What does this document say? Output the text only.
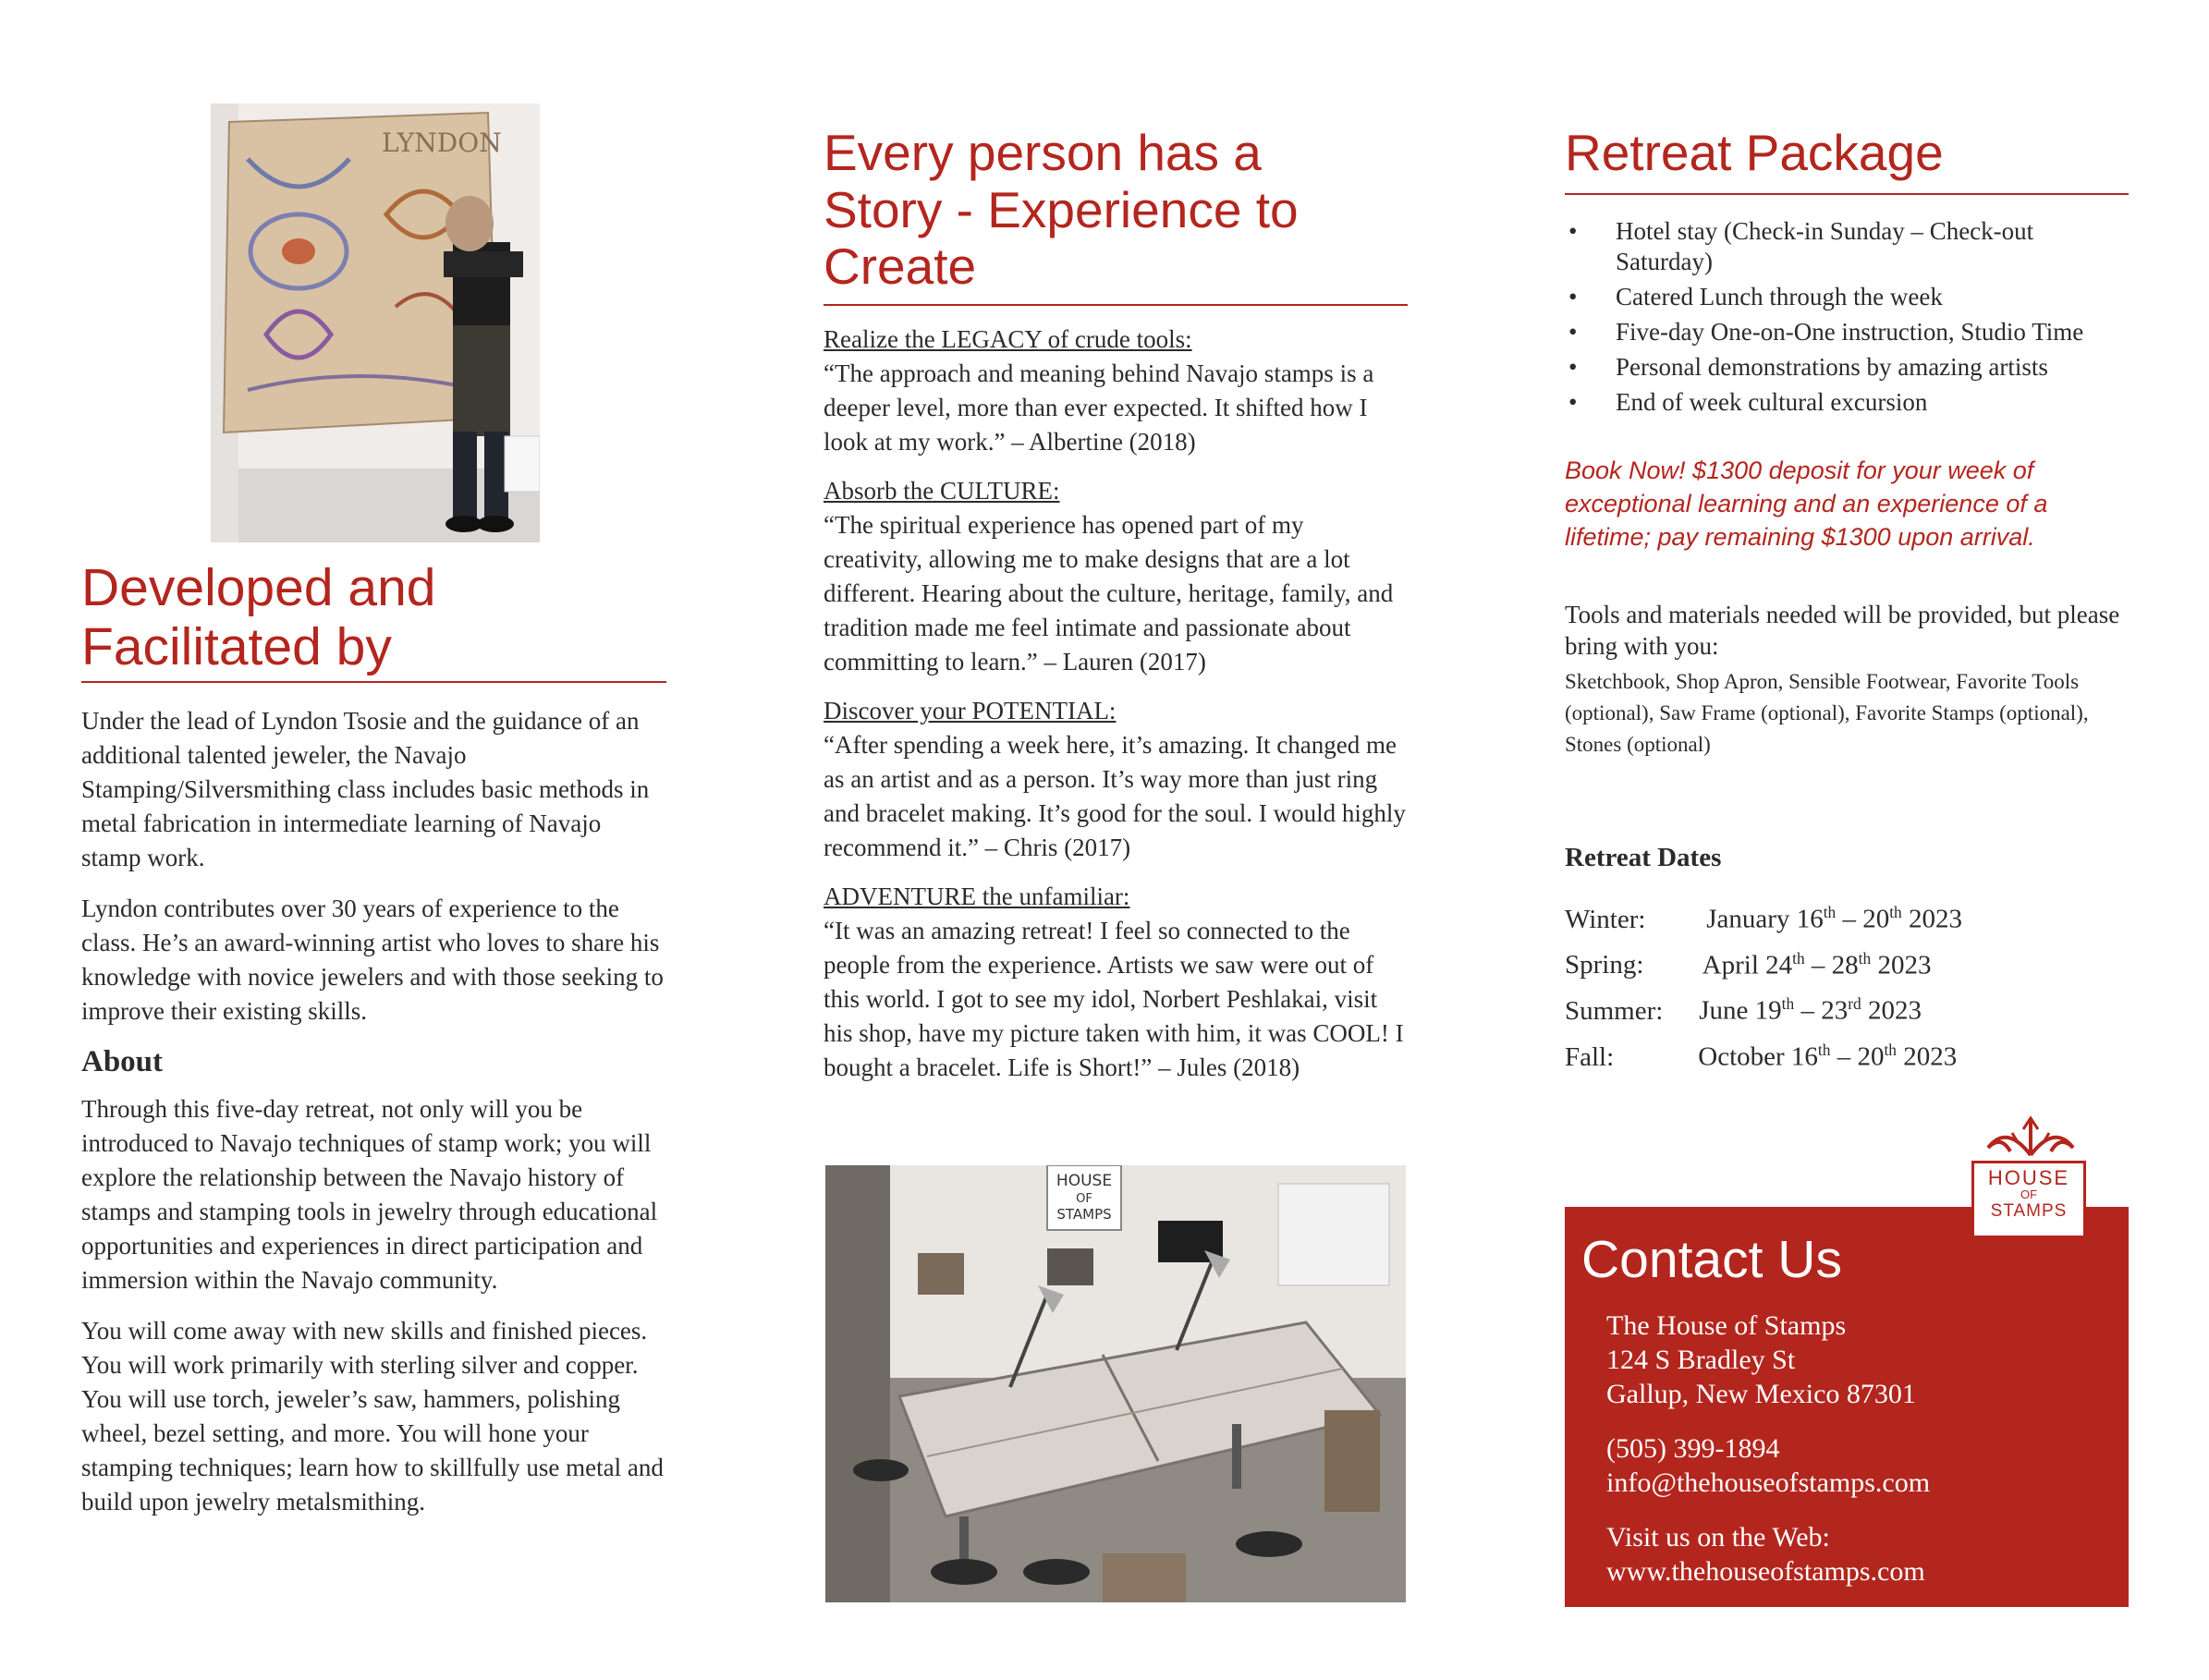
LYNDON
Developed and
Facilitated by

Under the lead of Lyndon Tsosie and the guidance of an additional talented jeweler, the Navajo Stamping/Silversmithing class includes basic methods in metal fabrication in intermediate learning of Navajo stamp work.

Lyndon contributes over 30 years of experience to the class. He’s an award-winning artist who loves to share his knowledge with novice jewelers and with those seeking to improve their existing skills.

About

Through this five-day retreat, not only will you be introduced to Navajo techniques of stamp work; you will explore the relationship between the Navajo history of stamps and stamping tools in jewelry through educational opportunities and experiences in direct participation and immersion within the Navajo community.

You will come away with new skills and finished pieces. You will work primarily with sterling silver and copper. You will use torch, jeweler’s saw, hammers, polishing wheel, bezel setting, and more. You will hone your stamping techniques; learn how to skillfully use metal and build upon jewelry metalsmithing.

Every person has a
Story - Experience to
Create

Realize the LEGACY of crude tools:

“The approach and meaning behind Navajo stamps is a deeper level, more than ever expected. It shifted how I look at my work.” – Albertine (2018)

Absorb the CULTURE:

“The spiritual experience has opened part of my creativity, allowing me to make designs that are a lot different. Hearing about the culture, heritage, family, and tradition made me feel intimate and passionate about committing to learn.” – Lauren (2017)

Discover your POTENTIAL:

“After spending a week here, it’s amazing. It changed me as an artist and as a person. It’s way more than just ring and bracelet making. It’s good for the soul. I would highly recommend it.” – Chris (2017)

ADVENTURE the unfamiliar:

“It was an amazing retreat! I feel so connected to the people from the experience. Artists we saw were out of this world. I got to see my idol, Norbert Peshlakai, visit his shop, have my picture taken with him, it was COOL! I bought a bracelet. Life is Short!” – Jules (2018)

HOUSE
OF
STAMPS
Retreat Package
• Hotel stay (Check-in Sunday – Check-out Saturday)
• Catered Lunch through the week
• Five-day One-on-One instruction, Studio Time
• Personal demonstrations by amazing artists
• End of week cultural excursion
Book Now! $1300 deposit for your week of exceptional learning and an experience of a lifetime; pay remaining $1300 upon arrival.
Tools and materials needed will be provided, but please bring with you:
Sketchbook, Shop Apron, Sensible Footwear, Favorite Tools (optional), Saw Frame (optional), Favorite Stamps (optional), Stones (optional)
Retreat Dates
Winter: January 16th – 20th 2023
Spring: April 24th – 28th 2023
Summer: June 19th – 23rd 2023
Fall:	October 16th – 20th 2023
Contact Us

The House of Stamps

124 S Bradley St

Gallup, New Mexico 87301

(505) 399-1894

info@thehouseofstamps.com

Visit us on the Web:

www.thehouseofstamps.com

HOUSE
OF
STAMPS
